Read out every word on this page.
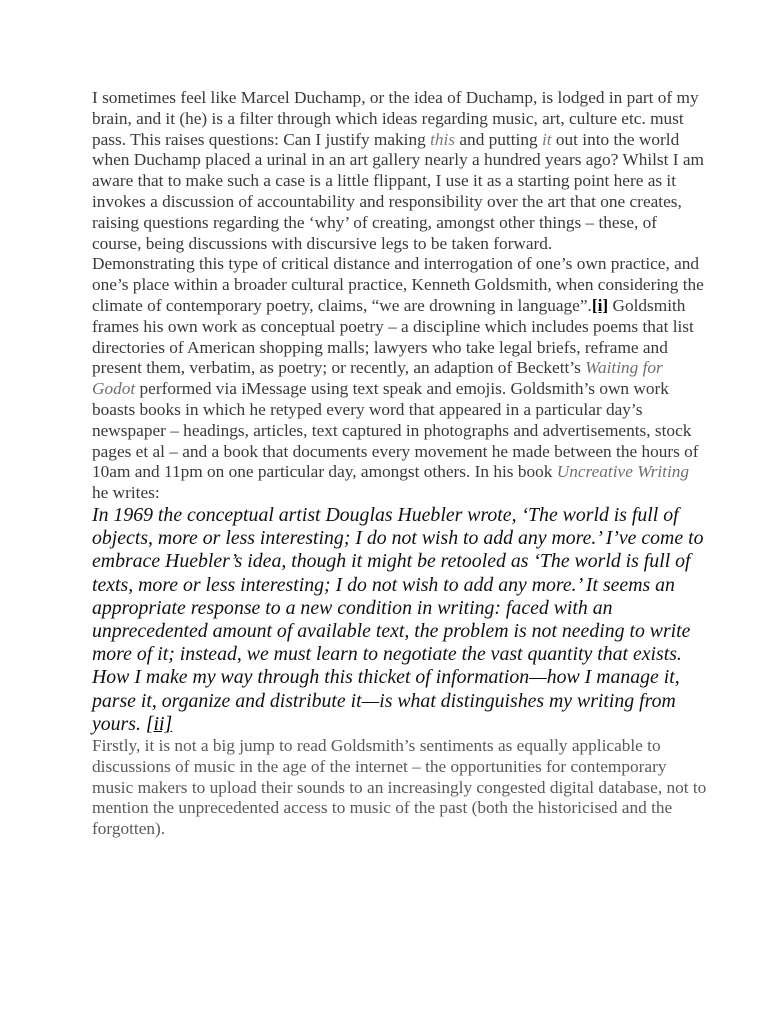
I sometimes feel like Marcel Duchamp, or the idea of Duchamp, is lodged in part of my brain, and it (he) is a filter through which ideas regarding music, art, culture etc. must pass. This raises questions: Can I justify making this and putting it out into the world when Duchamp placed a urinal in an art gallery nearly a hundred years ago? Whilst I am aware that to make such a case is a little flippant, I use it as a starting point here as it invokes a discussion of accountability and responsibility over the art that one creates, raising questions regarding the ‘why’ of creating, amongst other things – these, of course, being discussions with discursive legs to be taken forward.

Demonstrating this type of critical distance and interrogation of one’s own practice, and one’s place within a broader cultural practice, Kenneth Goldsmith, when considering the climate of contemporary poetry, claims, “we are drowning in language”.[i] Goldsmith frames his own work as conceptual poetry – a discipline which includes poems that list directories of American shopping malls; lawyers who take legal briefs, reframe and present them, verbatim, as poetry; or recently, an adaption of Beckett’s Waiting for Godot performed via iMessage using text speak and emojis. Goldsmith’s own work boasts books in which he retyped every word that appeared in a particular day’s newspaper – headings, articles, text captured in photographs and advertisements, stock pages et al – and a book that documents every movement he made between the hours of 10am and 11pm on one particular day, amongst others. In his book Uncreative Writing he writes:

In 1969 the conceptual artist Douglas Huebler wrote, ‘The world is full of objects, more or less interesting; I do not wish to add any more.’ I’ve come to embrace Huebler’s idea, though it might be retooled as ‘The world is full of texts, more or less interesting; I do not wish to add any more.’ It seems an appropriate response to a new condition in writing: faced with an unprecedented amount of available text, the problem is not needing to write more of it; instead, we must learn to negotiate the vast quantity that exists. How I make my way through this thicket of information—how I manage it, parse it, organize and distribute it—is what distinguishes my writing from yours. [ii]

Firstly, it is not a big jump to read Goldsmith’s sentiments as equally applicable to discussions of music in the age of the internet – the opportunities for contemporary music makers to upload their sounds to an increasingly congested digital database, not to mention the unprecedented access to music of the past (both the historicised and the forgotten).
